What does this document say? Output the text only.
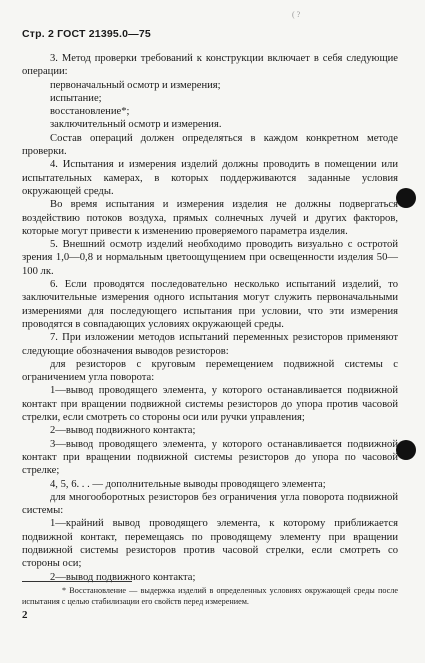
( ?
Стр. 2 ГОСТ 21395.0—75

3. Метод проверки требований к конструкции включает в себя следующие операции:

первоначальный осмотр и измерения;

испытание;

восстановление*;

заключительный осмотр и измерения.

Состав операций должен определяться в каждом конкретном методе проверки.

4. Испытания и измерения изделий должны проводить в помещении или испытательных камерах, в которых поддерживаются заданные условия окружающей среды.

Во время испытания и измерения изделия не должны подвергаться воздействию потоков воздуха, прямых солнечных лучей и других факторов, которые могут привести к изменению проверяемого параметра изделия.

5. Внешний осмотр изделий необходимо проводить визуально с остротой зрения 1,0—0,8 и нормальным цветоощущением при освещенности изделия 50—100 лк.

6. Если проводятся последовательно несколько испытаний изделий, то заключительные измерения одного испытания могут служить первоначальными измерениями для последующего испытания при условии, что эти измерения проводятся в совпадающих условиях окружающей среды.

7. При изложении методов испытаний переменных резисторов применяют следующие обозначения выводов резисторов:

для резисторов с круговым перемещением подвижной системы с ограничением угла поворота:

1—вывод проводящего элемента, у которого останавливается подвижной контакт при вращении подвижной системы резисторов до упора против часовой стрелки, если смотреть со стороны оси или ручки управления;

2—вывод подвижного контакта;

3—вывод проводящего элемента, у которого останавливается подвижной контакт при вращении подвижной системы резисторов до упора по часовой стрелке;

4, 5, 6. . . — дополнительные выводы проводящего элемента;

для многооборотных резисторов без ограничения угла поворота подвижной системы:

1—крайний вывод проводящего элемента, к которому приближается подвижной контакт, перемещаясь по проводящему элементу при вращении подвижной системы резисторов против часовой стрелки, если смотреть со стороны оси;

2—вывод подвижного контакта;

* Восстановление — выдержка изделий в определенных условиях окружающей среды после испытания с целью стабилизации его свойств перед измерением.

2
